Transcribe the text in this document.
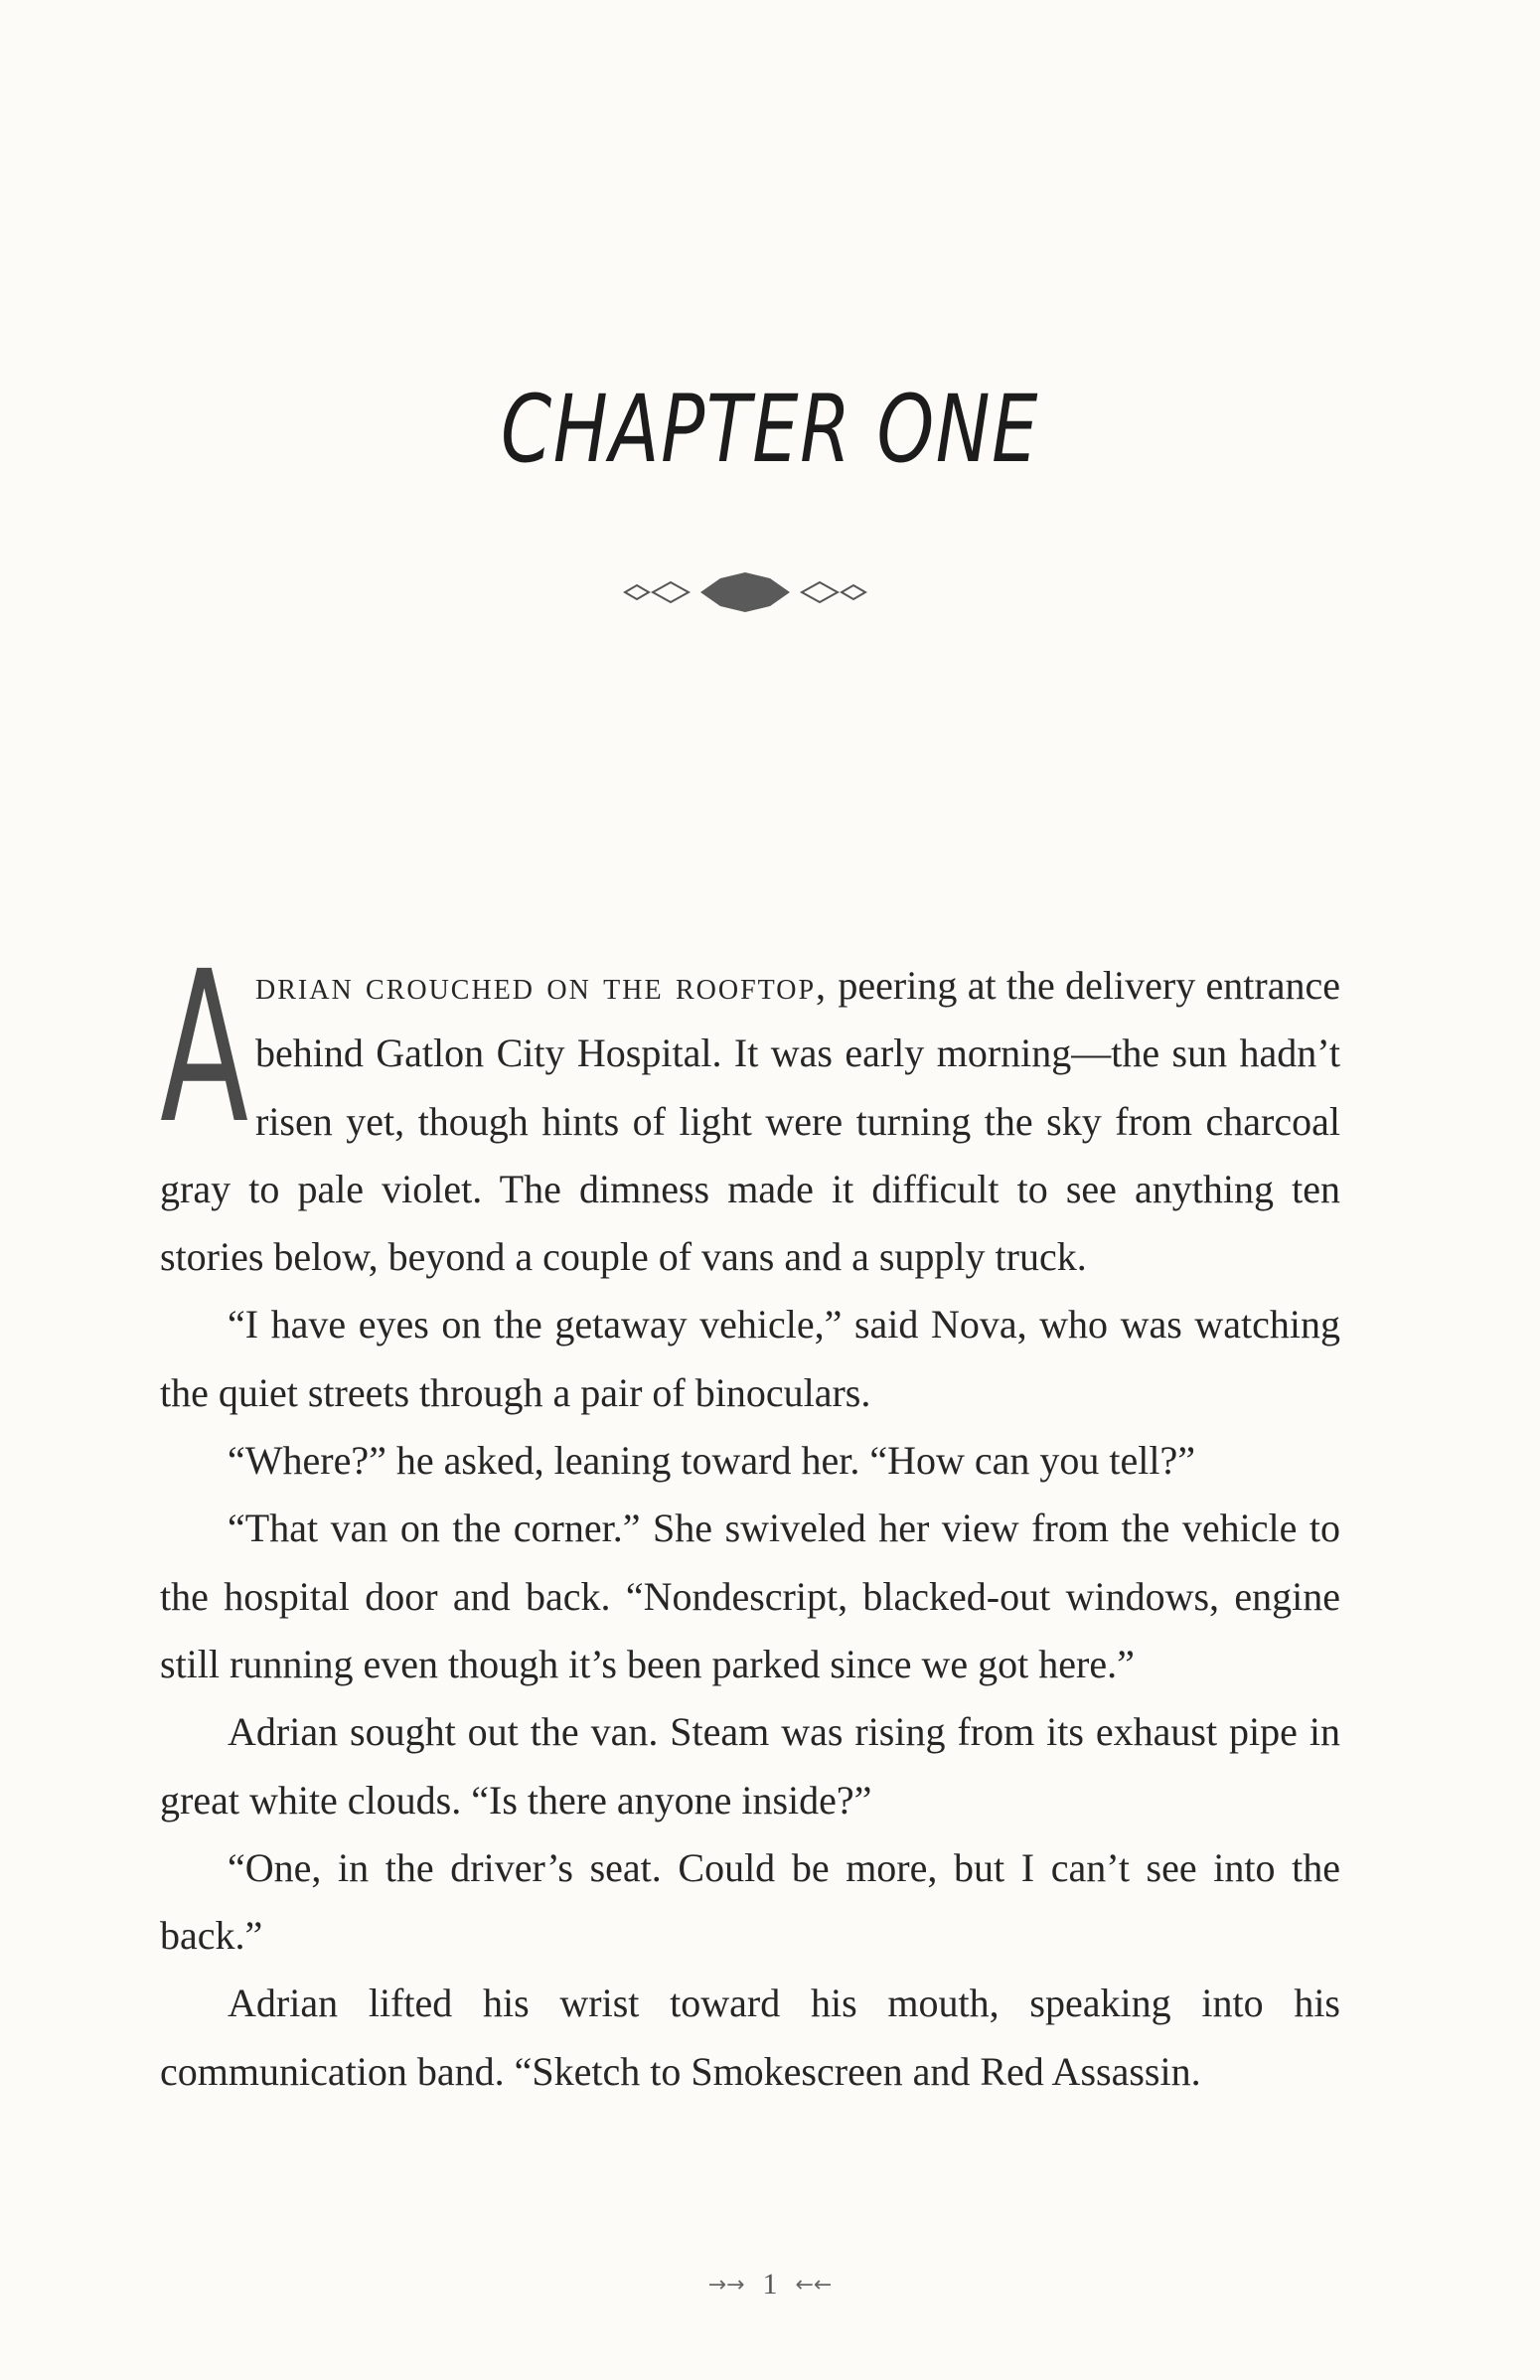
CHAPTER ONE

Adrian crouched on the rooftop, peering at the delivery entrance behind Gatlon City Hospital. It was early morning—the sun hadn’t risen yet, though hints of light were turning the sky from charcoal gray to pale violet. The dimness made it difficult to see anything ten stories below, beyond a couple of vans and a supply truck.

“I have eyes on the getaway vehicle,” said Nova, who was watching the quiet streets through a pair of binoculars.

“Where?” he asked, leaning toward her. “How can you tell?”

“That van on the corner.” She swiveled her view from the vehicle to the hospital door and back. “Nondescript, blacked-out windows, engine still running even though it’s been parked since we got here.”

Adrian sought out the van. Steam was rising from its exhaust pipe in great white clouds. “Is there anyone inside?”

“One, in the driver’s seat. Could be more, but I can’t see into the back.”

Adrian lifted his wrist toward his mouth, speaking into his communication band. “Sketch to Smokescreen and Red Assassin.

→→ 1 ←←
